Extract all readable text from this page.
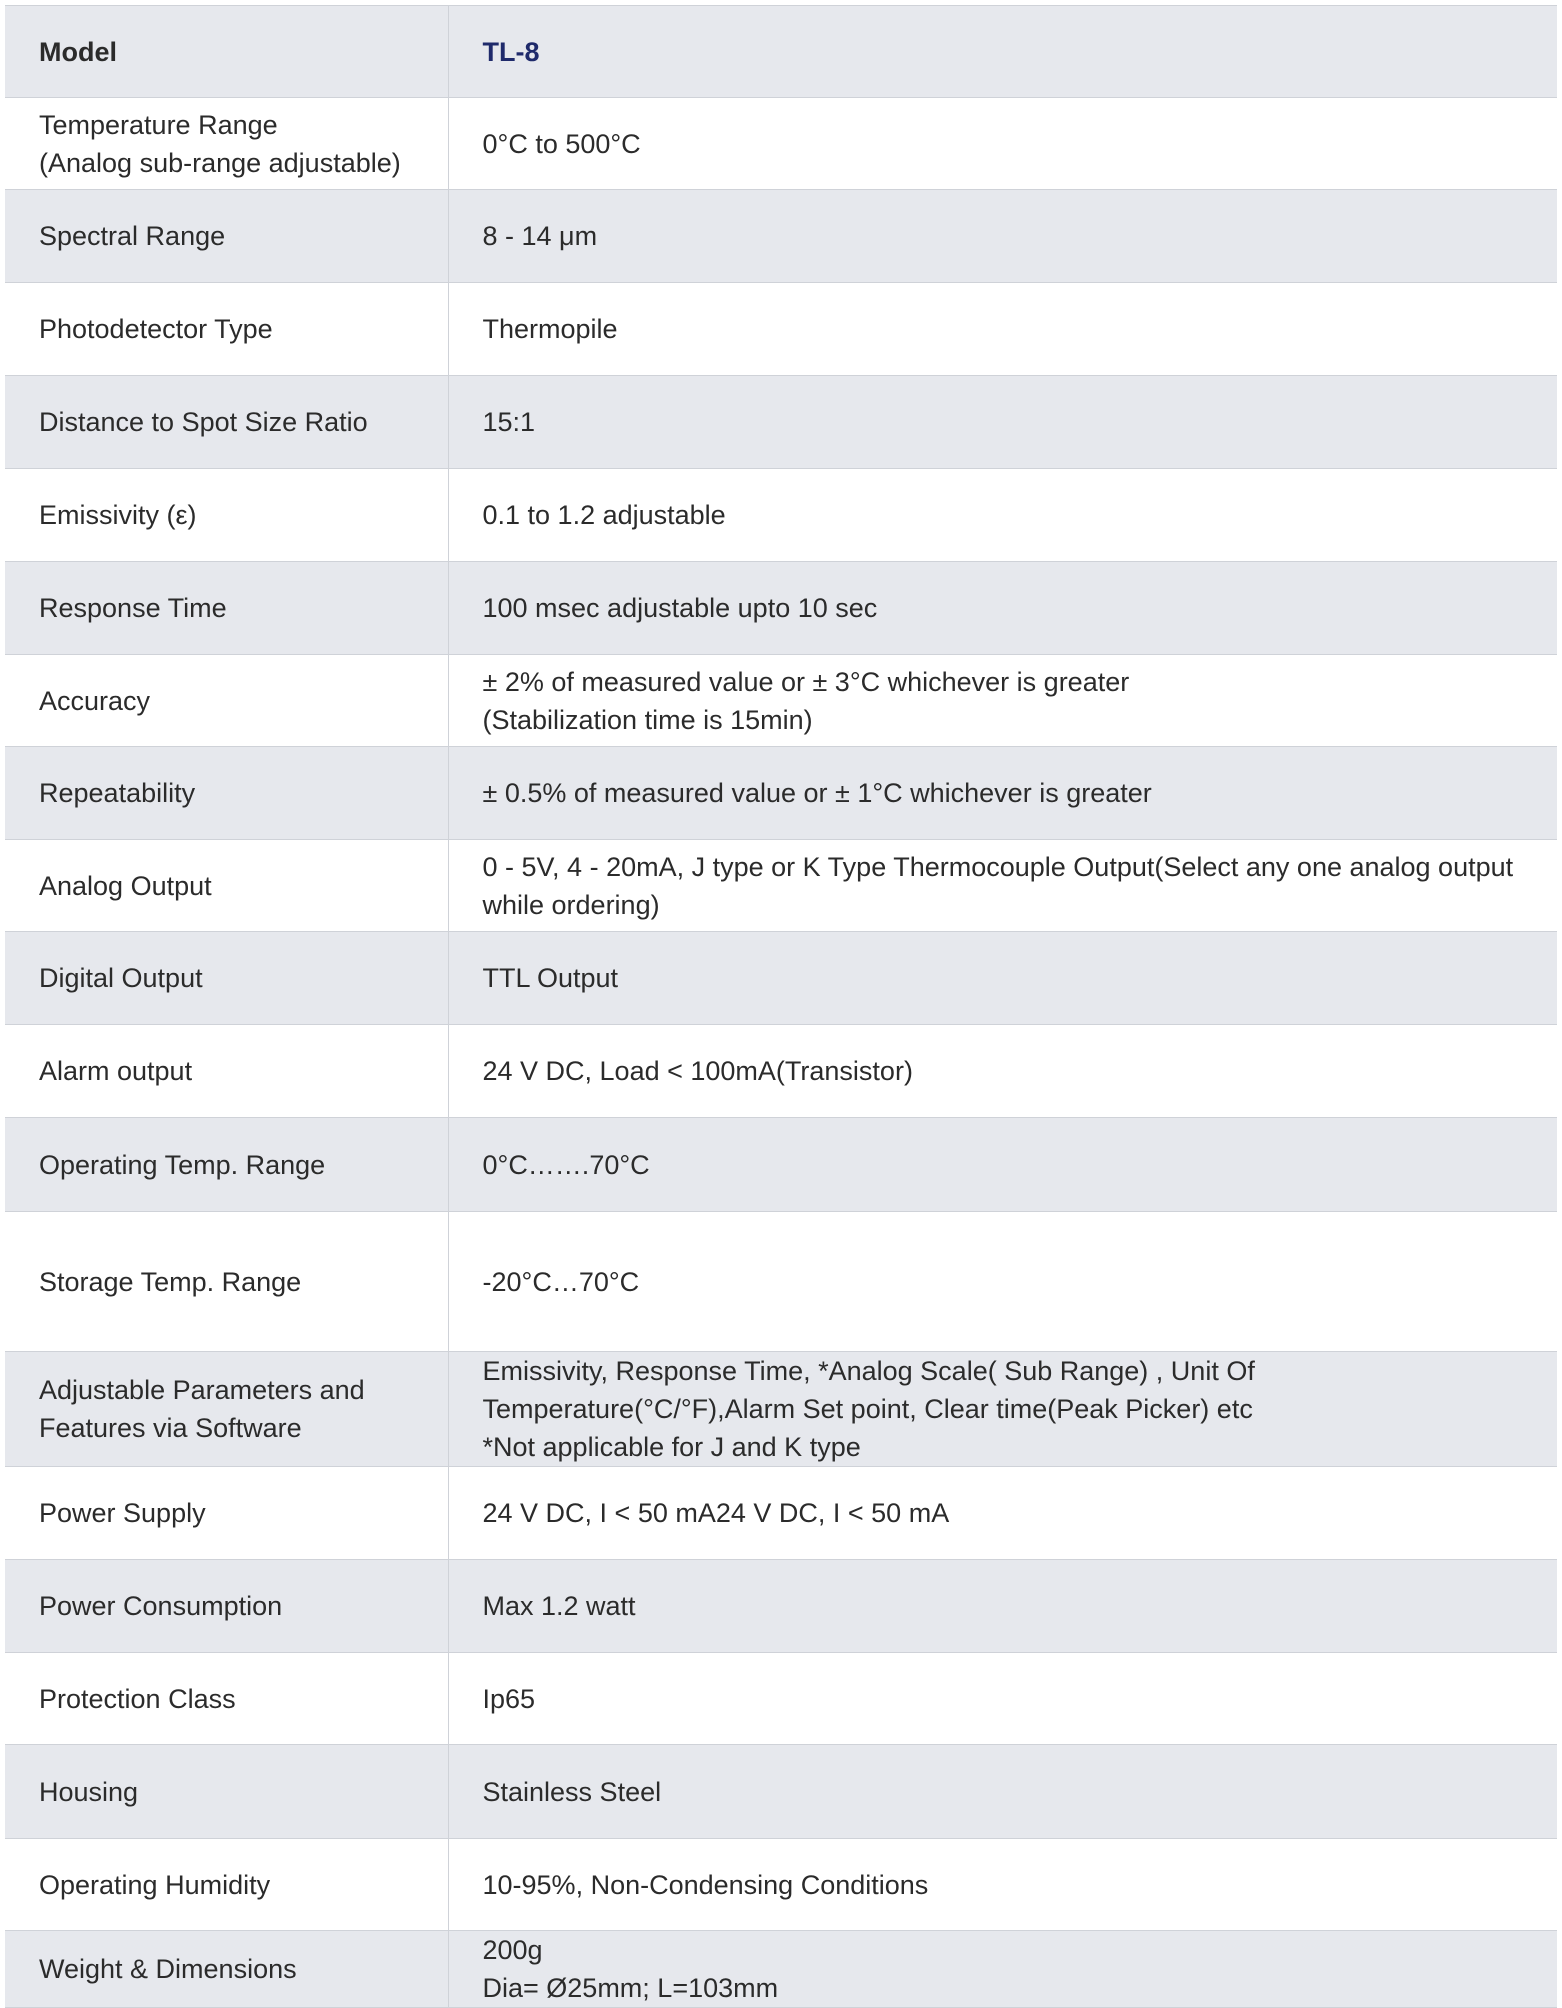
Model	TL-8

Temperature Range
(Analog sub-range adjustable)	0°C to 500°C

Spectral Range	8 - 14 μm

Photodetector Type	Thermopile

Distance to Spot Size Ratio	15:1

Emissivity (ε)	0.1 to 1.2 adjustable

Response Time	100 msec adjustable upto 10 sec

Accuracy	± 2% of measured value or ± 3°C whichever is greater
(Stabilization time is 15min)

Repeatability	± 0.5% of measured value or ± 1°C whichever is greater

Analog Output	0 - 5V, 4 - 20mA, J type or K Type Thermocouple Output(Select any one analog output
while ordering)

Digital Output	TTL Output

Alarm output	24 V DC, Load < 100mA(Transistor)

Operating Temp. Range	0°C…….70°C

Storage Temp. Range	-20°C…70°C

Adjustable Parameters and
Features via Software	Emissivity, Response Time, *Analog Scale( Sub Range) , Unit Of
Temperature(°C/°F),Alarm Set point, Clear time(Peak Picker) etc
*Not applicable for J and K type

Power Supply	24 V DC, I < 50 mA24 V DC, I < 50 mA

Power Consumption	Max 1.2 watt

Protection Class	Ip65

Housing	Stainless Steel

Operating Humidity	10-95%, Non-Condensing Conditions

Weight & Dimensions	200g
Dia= Ø25mm; L=103mm
